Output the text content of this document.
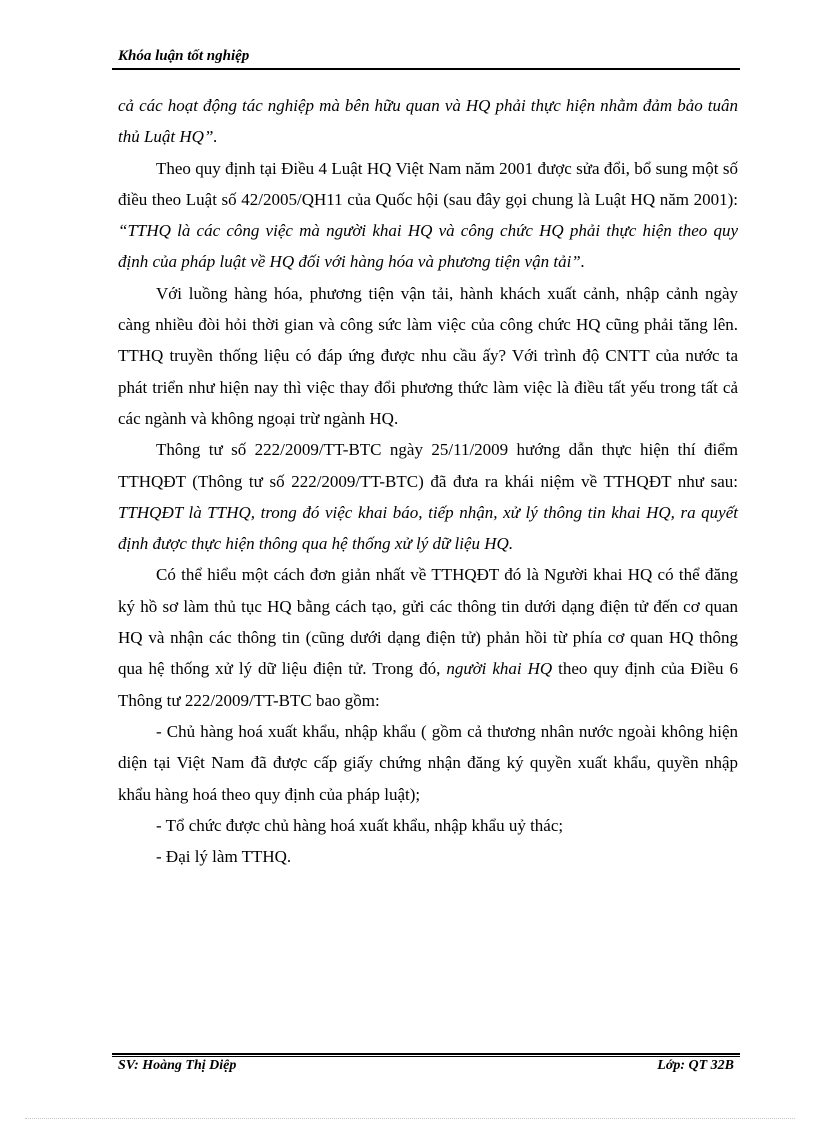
Khóa luận tốt nghiệp

cả các hoạt động tác nghiệp mà bên hữu quan và HQ phải thực hiện nhằm đảm bảo tuân thủ Luật HQ”.

Theo quy định tại Điều 4 Luật HQ Việt Nam năm 2001 được sửa đổi, bổ sung một số điều theo Luật số 42/2005/QH11 của Quốc hội (sau đây gọi chung là Luật HQ năm 2001): “TTHQ là các công việc mà người khai HQ và công chức HQ phải thực hiện theo quy định của pháp luật về HQ đối với hàng hóa và phương tiện vận tải”.

Với luồng hàng hóa, phương tiện vận tải, hành khách xuất cảnh, nhập cảnh ngày càng nhiều đòi hỏi thời gian và công sức làm việc của công chức HQ cũng phải tăng lên. TTHQ truyền thống liệu có đáp ứng được nhu cầu ấy? Với trình độ CNTT của nước ta phát triển như hiện nay thì việc thay đổi phương thức làm việc là điều tất yếu trong tất cả các ngành và không ngoại trừ ngành HQ.

Thông tư số 222/2009/TT-BTC ngày 25/11/2009 hướng dẫn thực hiện thí điểm TTHQĐT (Thông tư số 222/2009/TT-BTC) đã đưa ra khái niệm về TTHQĐT như sau: TTHQĐT là TTHQ, trong đó việc khai báo, tiếp nhận, xử lý thông tin khai HQ, ra quyết định được thực hiện thông qua hệ thống xử lý dữ liệu HQ.

Có thể hiểu một cách đơn giản nhất về TTHQĐT đó là Người khai HQ có thể đăng ký hồ sơ làm thủ tục HQ bằng cách tạo, gửi các thông tin dưới dạng điện tử đến cơ quan HQ và nhận các thông tin (cũng dưới dạng điện tử) phản hồi từ phía cơ quan HQ thông qua hệ thống xử lý dữ liệu điện tử. Trong đó, người khai HQ theo quy định của Điều 6 Thông tư 222/2009/TT-BTC bao gồm:

- Chủ hàng hoá xuất khẩu, nhập khẩu ( gồm cả thương nhân nước ngoài không hiện diện tại Việt Nam đã được cấp giấy chứng nhận đăng ký quyền xuất khẩu, quyền nhập khẩu hàng hoá theo quy định của pháp luật);

- Tổ chức được chủ hàng hoá xuất khẩu, nhập khẩu uỷ thác;

- Đại lý làm TTHQ.

SV: Hoàng Thị Diệp	Lớp: QT 32B
